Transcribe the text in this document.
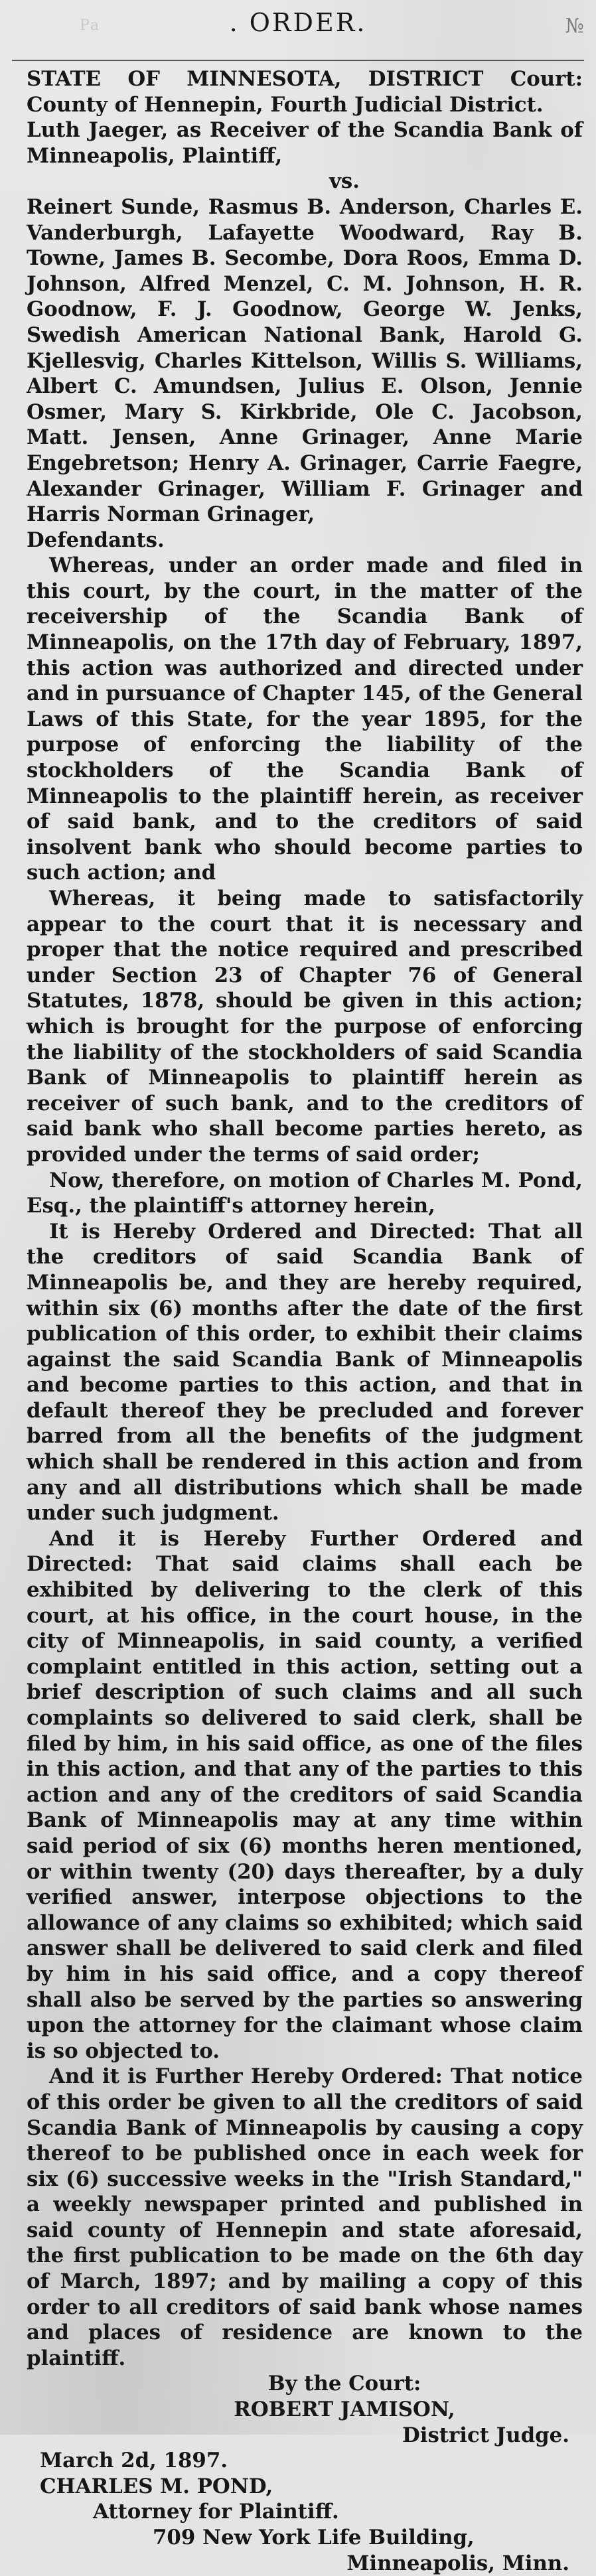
Pa	. ORDER.	№

STATE OF MINNESOTA, DISTRICT Court: County of Hennepin, Fourth Judicial District.

Luth Jaeger, as Receiver of the Scandia Bank of Minneapolis, Plaintiff,

vs.

Reinert Sunde, Rasmus B. Anderson, Charles E. Vanderburgh, Lafayette Woodward, Ray B. Towne, James B. Secombe, Dora Roos, Emma D. Johnson, Alfred Menzel, C. M. Johnson, H. R. Goodnow, F. J. Goodnow, George W. Jenks, Swedish American National Bank, Harold G. Kjellesvig, Charles Kittelson, Willis S. Williams, Albert C. Amundsen, Julius E. Olson, Jennie Osmer, Mary S. Kirkbride, Ole C. Jacobson, Matt. Jensen, Anne Grinager, Anne Marie Engebretson; Henry A. Grinager, Carrie Faegre, Alexander Grinager, William F. Grinager and Harris Norman Grinager,

Defendants.

Whereas, under an order made and filed in this court, by the court, in the matter of the receivership of the Scandia Bank of Minneapolis, on the 17th day of February, 1897, this action was authorized and directed under and in pursuance of Chapter 145, of the General Laws of this State, for the year 1895, for the purpose of enforcing the liability of the stockholders of the Scandia Bank of Minneapolis to the plaintiff herein, as receiver of said bank, and to the creditors of said insolvent bank who should become parties to such action; and

Whereas, it being made to satisfactorily appear to the court that it is necessary and proper that the notice required and prescribed under Section 23 of Chapter 76 of General Statutes, 1878, should be given in this action; which is brought for the purpose of enforcing the liability of the stockholders of said Scandia Bank of Minneapolis to plaintiff herein as receiver of such bank, and to the creditors of said bank who shall become parties hereto, as provided under the terms of said order;

Now, therefore, on motion of Charles M. Pond, Esq., the plaintiff's attorney herein,

It is Hereby Ordered and Directed: That all the creditors of said Scandia Bank of Minneapolis be, and they are hereby required, within six (6) months after the date of the first publication of this order, to exhibit their claims against the said Scandia Bank of Minneapolis and become parties to this action, and that in default thereof they be precluded and forever barred from all the benefits of the judgment which shall be rendered in this action and from any and all distributions which shall be made under such judgment.

And it is Hereby Further Ordered and Directed: That said claims shall each be exhibited by delivering to the clerk of this court, at his office, in the court house, in the city of Minneapolis, in said county, a verified complaint entitled in this action, setting out a brief description of such claims and all such complaints so delivered to said clerk, shall be filed by him, in his said office, as one of the files in this action, and that any of the parties to this action and any of the creditors of said Scandia Bank of Minneapolis may at any time within said period of six (6) months heren mentioned, or within twenty (20) days thereafter, by a duly verified answer, interpose objections to the allowance of any claims so exhibited; which said answer shall be delivered to said clerk and filed by him in his said office, and a copy thereof shall also be served by the parties so answering upon the attorney for the claimant whose claim is so objected to.

And it is Further Hereby Ordered: That notice of this order be given to all the creditors of said Scandia Bank of Minneapolis by causing a copy thereof to be published once in each week for six (6) successive weeks in the "Irish Standard," a weekly newspaper printed and published in said county of Hennepin and state aforesaid, the first publication to be made on the 6th day of March, 1897; and by mailing a copy of this order to all creditors of said bank whose names and places of residence are known to the plaintiff.

By the Court:

ROBERT JAMISON,

District Judge.

March 2d, 1897.

CHARLES M. POND,

Attorney for Plaintiff.

709 New York Life Building,

Minneapolis, Minn.
